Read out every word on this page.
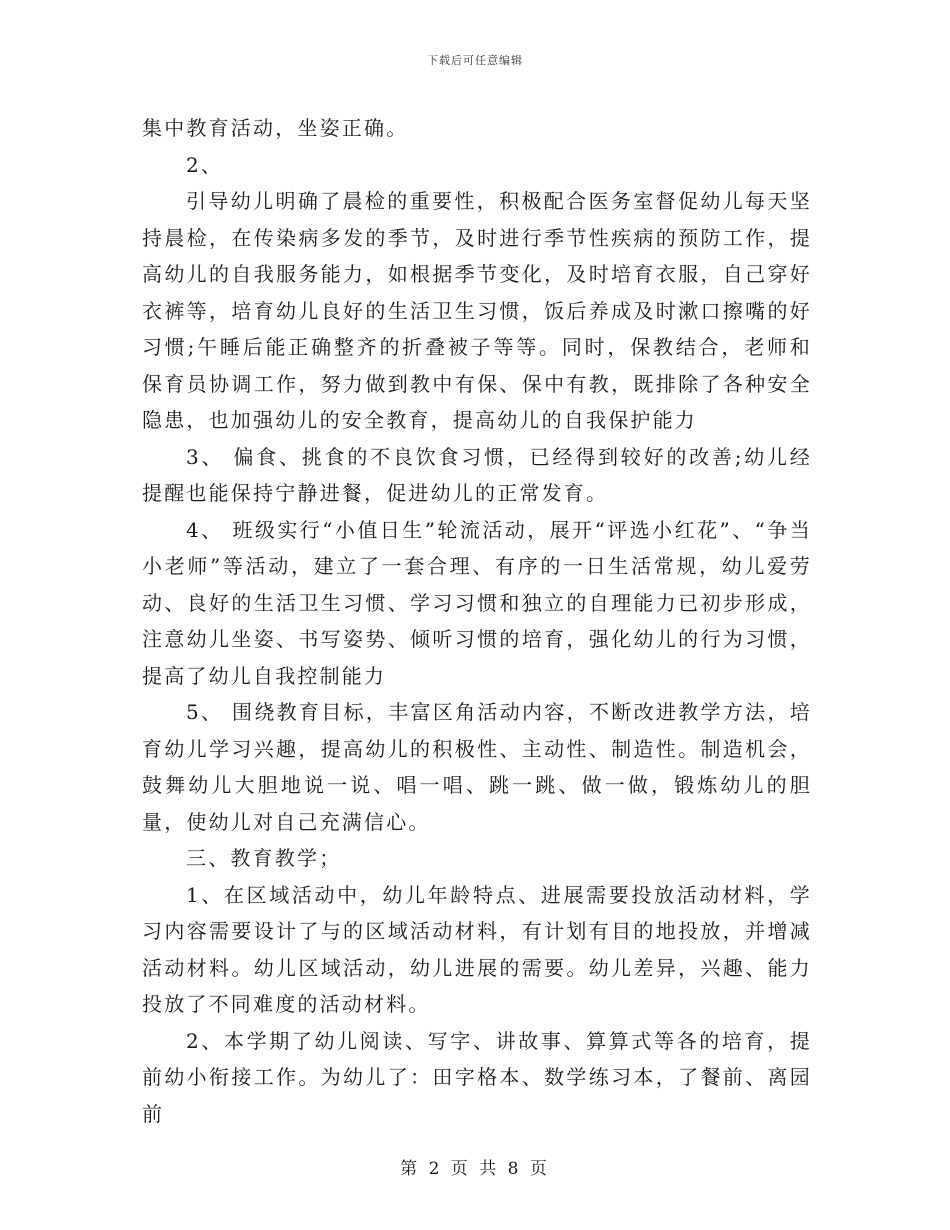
下载后可任意编辑

集中教育活动，坐姿正确。

2、

引导幼儿明确了晨检的重要性，积极配合医务室督促幼儿每天坚持晨检，在传染病多发的季节，及时进行季节性疾病的预防工作，提高幼儿的自我服务能力，如根据季节变化，及时培育衣服，自己穿好衣裤等，培育幼儿良好的生活卫生习惯，饭后养成及时漱口擦嘴的好习惯;午睡后能正确整齐的折叠被子等等。同时，保教结合，老师和保育员协调工作，努力做到教中有保、保中有教，既排除了各种安全隐患，也加强幼儿的安全教育，提高幼儿的自我保护能力

3、 偏食、挑食的不良饮食习惯，已经得到较好的改善;幼儿经提醒也能保持宁静进餐，促进幼儿的正常发育。

4、 班级实行“小值日生”轮流活动，展开“评选小红花”、“争当小老师”等活动，建立了一套合理、有序的一日生活常规，幼儿爱劳动、良好的生活卫生习惯、学习习惯和独立的自理能力已初步形成，注意幼儿坐姿、书写姿势、倾听习惯的培育，强化幼儿的行为习惯，提高了幼儿自我控制能力

5、 围绕教育目标，丰富区角活动内容，不断改进教学方法，培育幼儿学习兴趣，提高幼儿的积极性、主动性、制造性。制造机会，鼓舞幼儿大胆地说一说、唱一唱、跳一跳、做一做，锻炼幼儿的胆量，使幼儿对自己充满信心。

三、教育教学；

1、在区域活动中，幼儿年龄特点、进展需要投放活动材料，学习内容需要设计了与的区域活动材料，有计划有目的地投放，并增减活动材料。幼儿区域活动，幼儿进展的需要。幼儿差异，兴趣、能力投放了不同难度的活动材料。

2、本学期了幼儿阅读、写字、讲故事、算算式等各的培育，提前幼小衔接工作。为幼儿了：田字格本、数学练习本，了餐前、离园前

第 2 页 共 8 页
